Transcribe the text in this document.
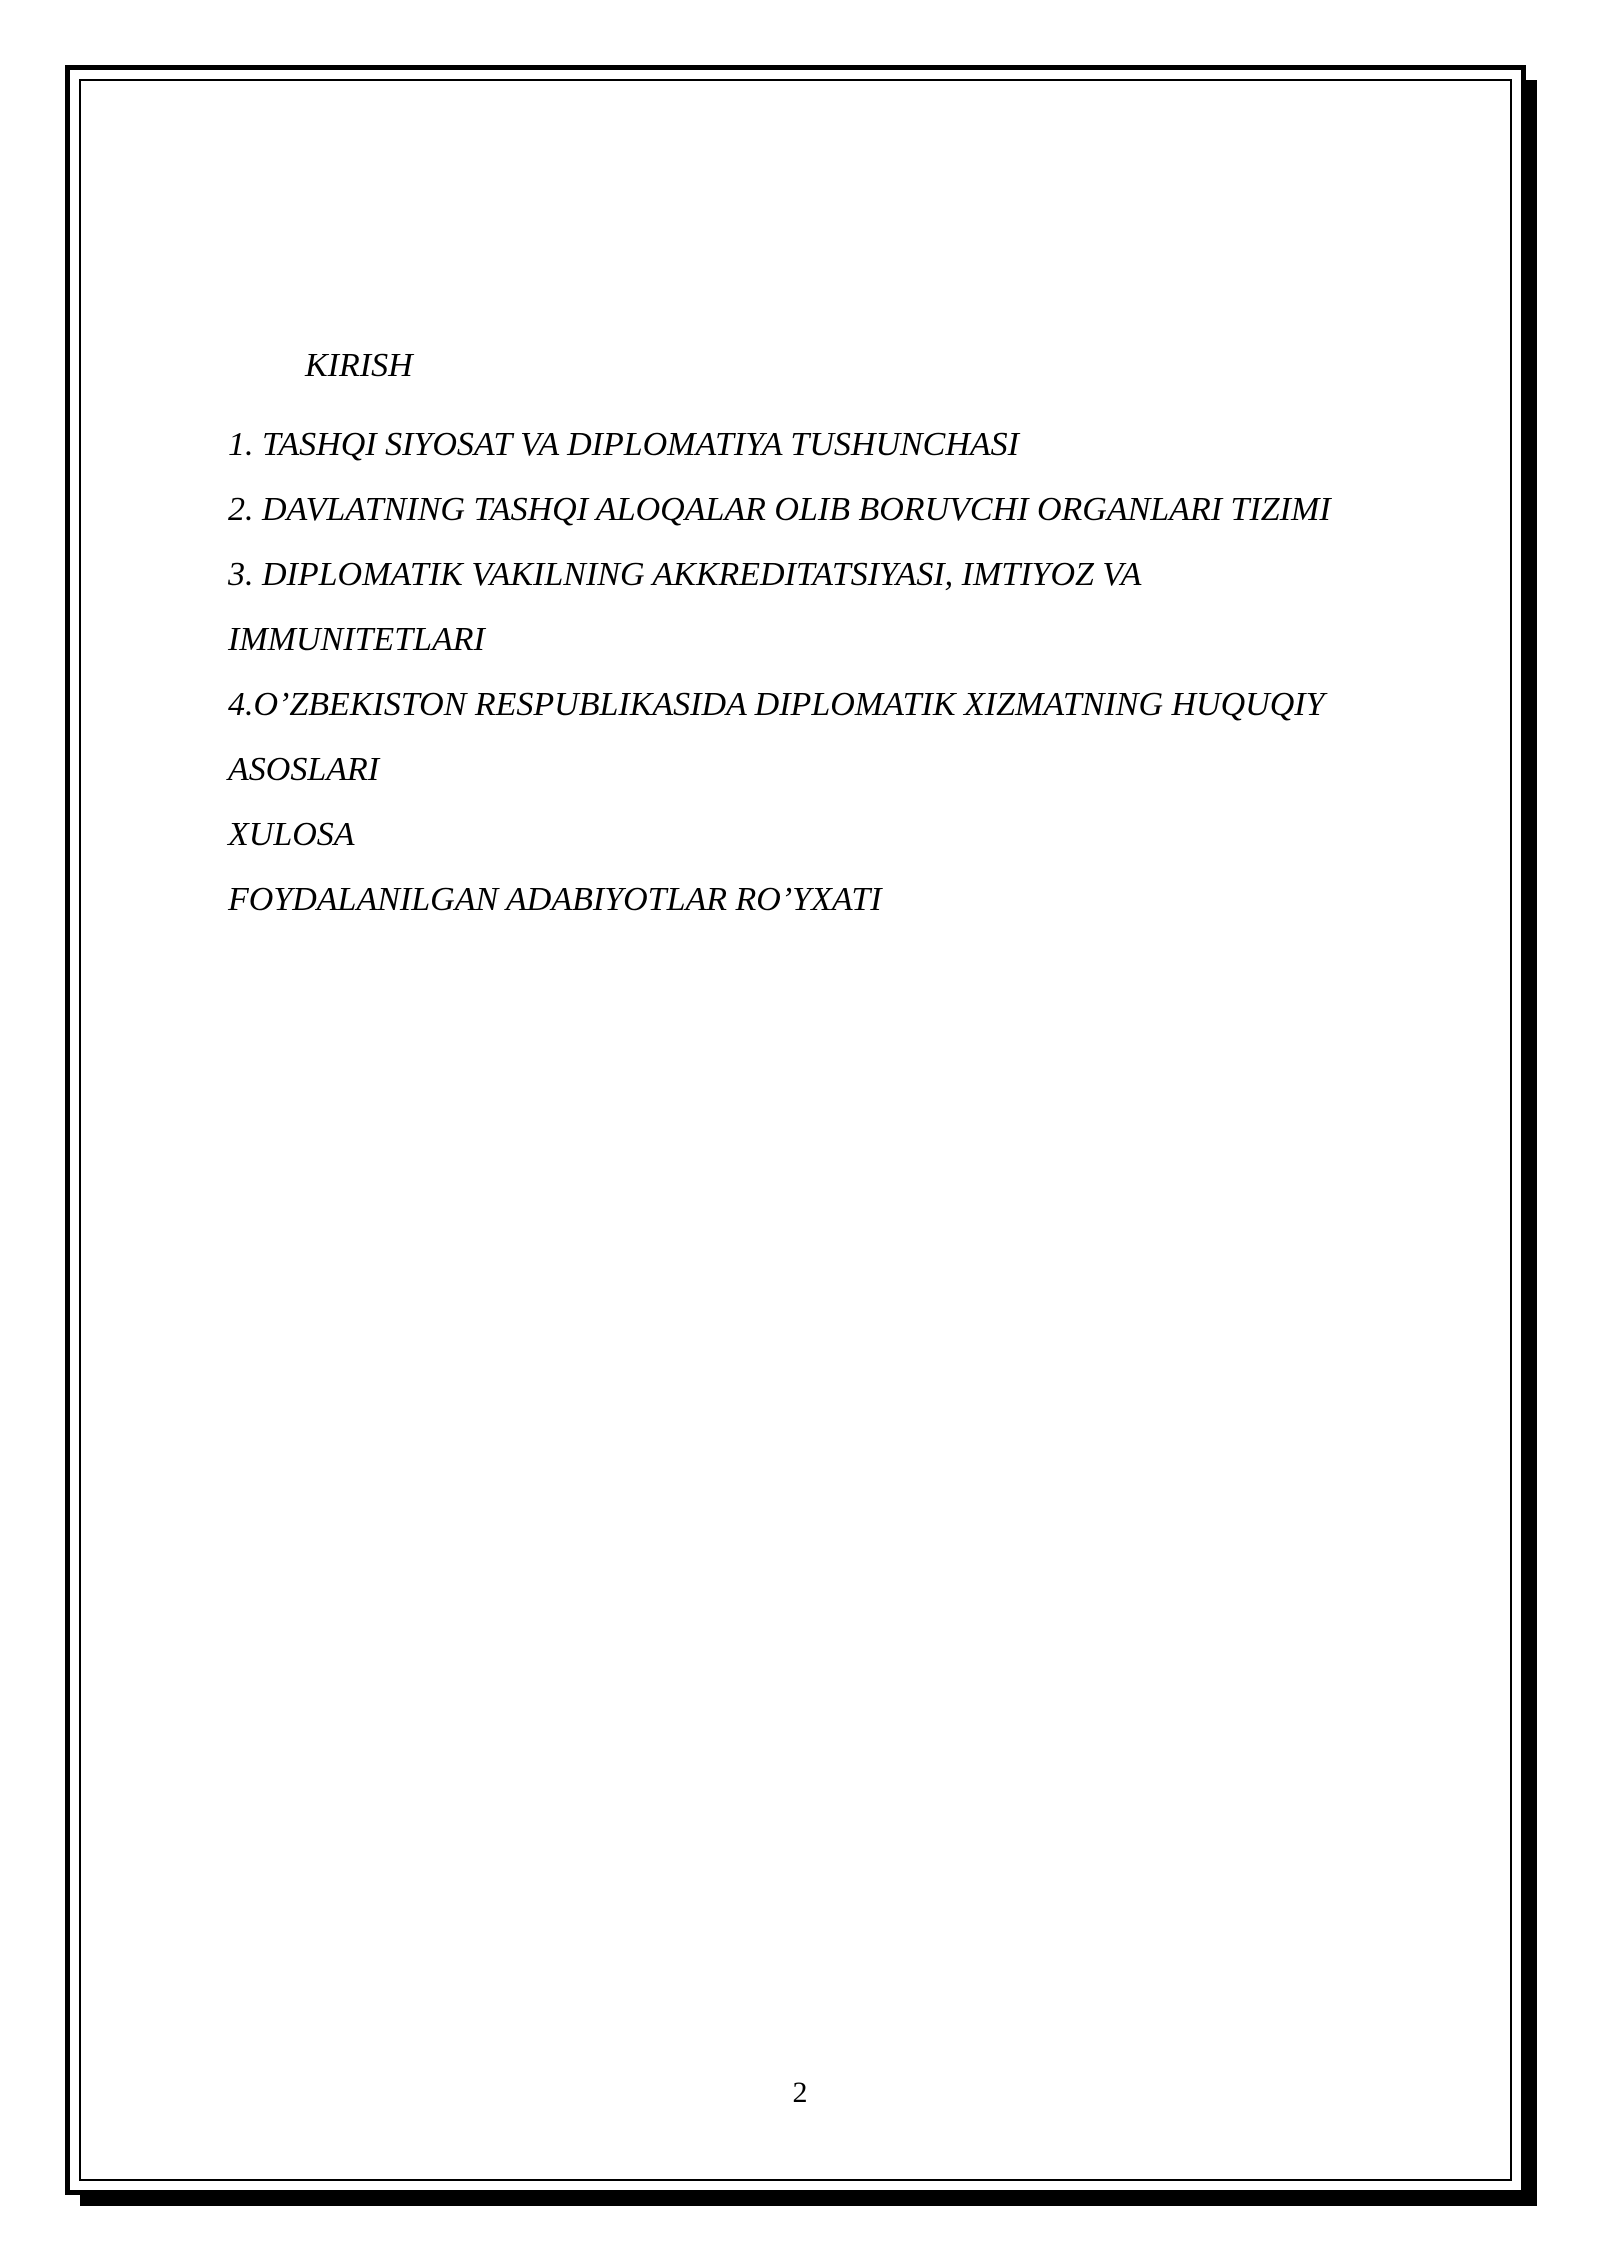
KIRISH
1. TASHQI SIYOSAT VA DIPLOMATIYA TUSHUNCHASI
2. DAVLATNING TASHQI ALOQALAR OLIB BORUVCHI ORGANLARI TIZIMI
3. DIPLOMATIK VAKILNING AKKREDITATSIYASI, IMTIYOZ VA
IMMUNITETLARI
4.O’ZBEKISTON RESPUBLIKASIDA DIPLOMATIK XIZMATNING HUQUQIY
ASOSLARI
XULOSA
FOYDALANILGAN ADABIYOTLAR RO’YXATI
2
